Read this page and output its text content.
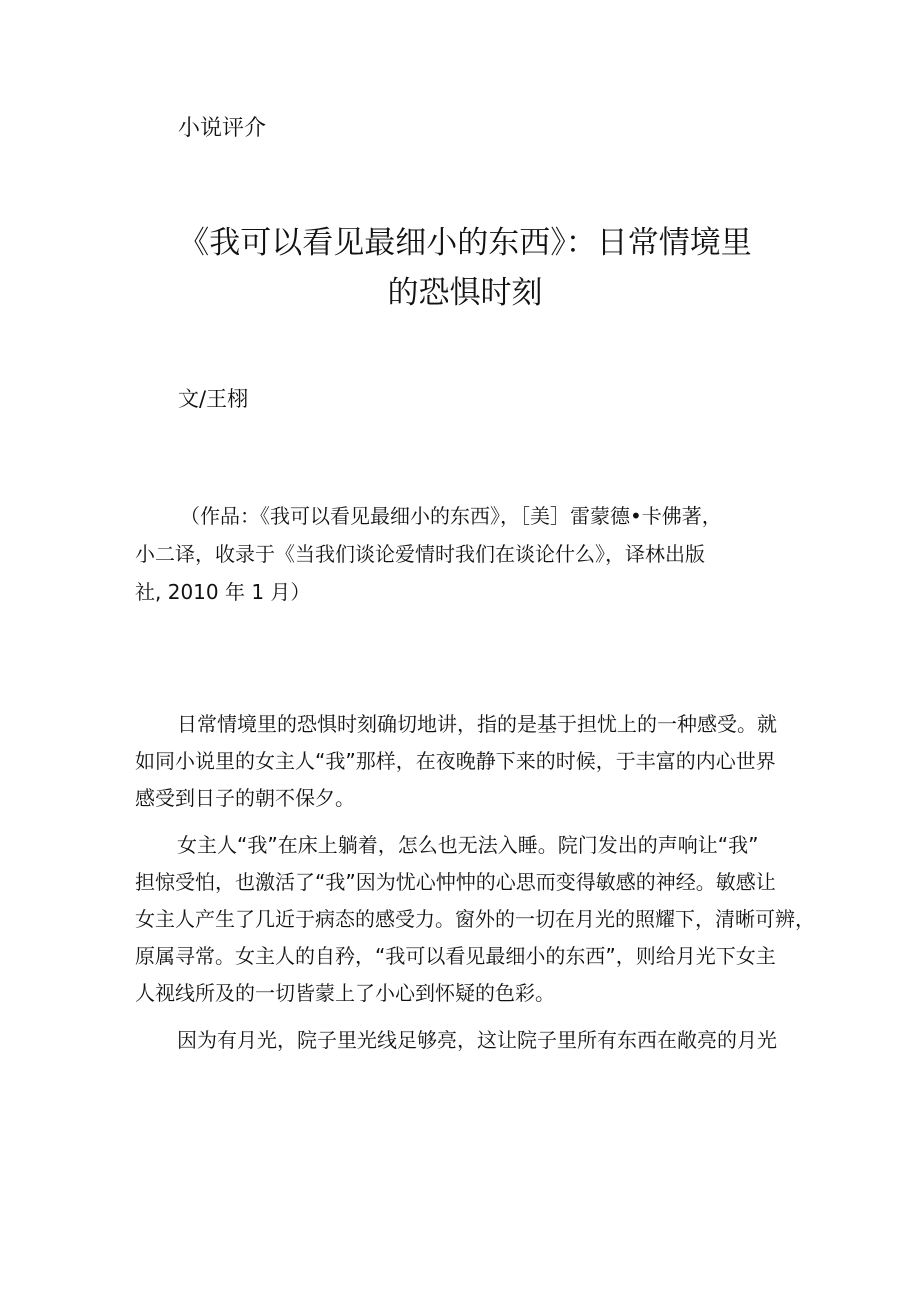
小说评介
《我可以看见最细小的东西》：日常情境里
的恐惧时刻
文/王栩
（作品：《我可以看见最细小的东西》，［美］雷蒙德•卡佛著，
小二译，收录于《当我们谈论爱情时我们在谈论什么》，译林出版
社, 2010 年 1 月）
日常情境里的恐惧时刻确切地讲，指的是基于担忧上的一种感受。就
如同小说里的女主人“我”那样，在夜晚静下来的时候，于丰富的内心世界
感受到日子的朝不保夕。
女主人“我”在床上躺着，怎么也无法入睡。院门发出的声响让“我”
担惊受怕，也激活了“我”因为忧心忡忡的心思而变得敏感的神经。敏感让
女主人产生了几近于病态的感受力。窗外的一切在月光的照耀下，清晰可辨，
原属寻常。女主人的自矜，“我可以看见最细小的东西”，则给月光下女主
人视线所及的一切皆蒙上了小心到怀疑的色彩。
因为有月光，院子里光线足够亮，这让院子里所有东西在敞亮的月光
